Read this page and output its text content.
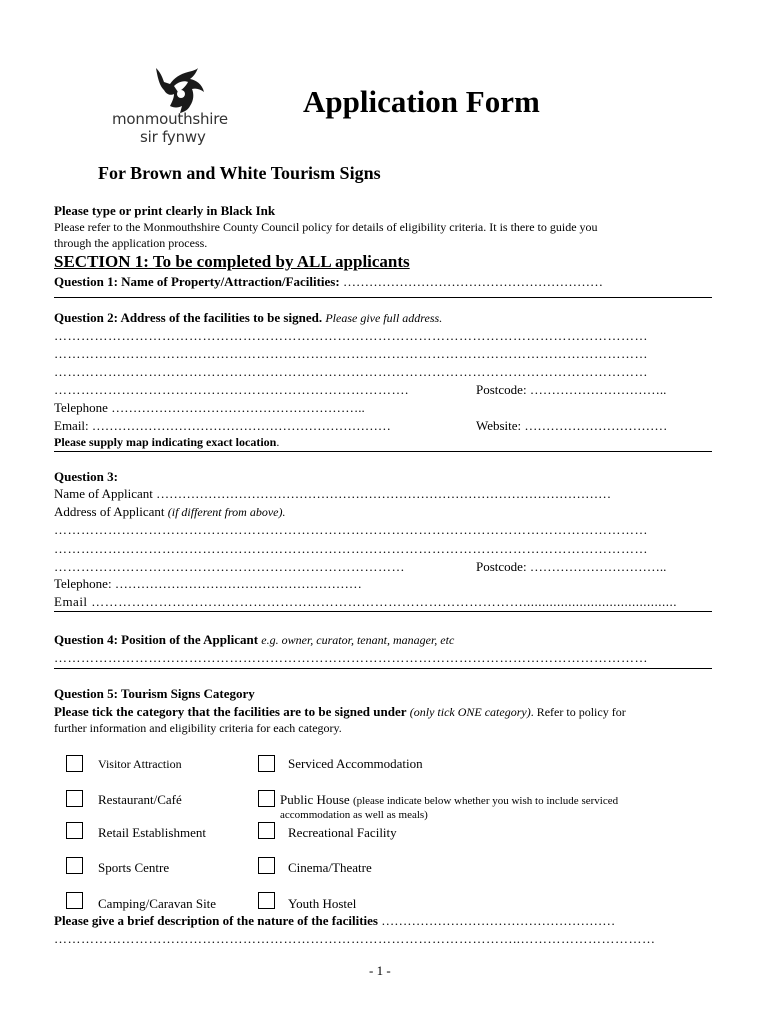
monmouthshire
sir fynwy
Application Form
For Brown and White Tourism Signs
Please type or print clearly in Black Ink
Please refer to the Monmouthshire County Council policy for details of eligibility criteria. It is there to guide you
through the application process.
SECTION 1: To be completed by ALL applicants
Question 1: Name of Property/Attraction/Facilities: ……………………………………………………
Question 2: Address of the facilities to be signed. Please give full address.
……………………………………………………………………………………………………………………
……………………………………………………………………………………………………………………
……………………………………………………………………………………………………………………
…………………………………………………………………….	Postcode: …………………………..
Telephone …………………………………………………..
Email: ……………………………………………………………	Website: ……………………………
Please supply map indicating exact location.
Question 3:
Name of Applicant ……………………………………………………………………………………………
Address of Applicant (if different from above).
……………………………………………………………………………………………………………………
……………………………………………………………………………………………………………………
……………………………………………………………………	Postcode: …………………………..
Telephone: …………………………………………………
Email …………………………………………………………………………………….........................................
Question 4: Position of the Applicant e.g. owner, curator, tenant, manager, etc
……………………………………………………………………………………………………………………
Question 5: Tourism Signs Category
Please tick the category that the facilities are to be signed under (only tick ONE category). Refer to policy for
further information and eligibility criteria for each category.
Visitor Attraction	Serviced Accommodation
Restaurant/Café	Public House (please indicate below whether you wish to include serviced
accommodation as well as meals)
Retail Establishment	Recreational Facility
Sports Centre	Cinema/Theatre
Camping/Caravan Site	Youth Hostel
Please give a brief description of the nature of the facilities ………………………………………………
…………………………………………………………………………………………..…………………………
- 1 -
